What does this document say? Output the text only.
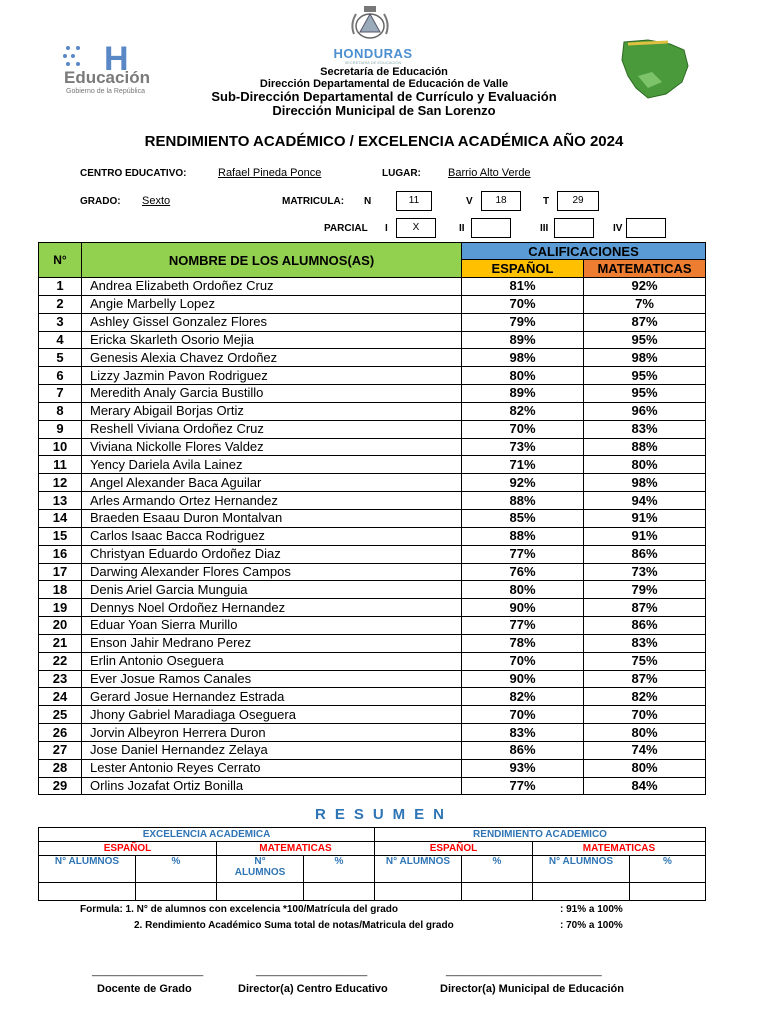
H
Educación
Gobierno de la República
HONDURAS
SECRETARÍA DE EDUCACIÓN
Secretaría de Educación
Dirección Departamental de Educación de Valle
Sub-Dirección Departamental de Currículo y Evaluación
Dirección Municipal de San Lorenzo
RENDIMIENTO ACADÉMICO / EXCELENCIA ACADÉMICA AÑO 2024
CENTRO EDUCATIVO:	Rafael Pineda Ponce	LUGAR: Barrio Alto Verde
GRADO: Sexto	MATRICULA: N	11	V	18	T	29
PARCIAL I	X	II	III	IV
N°	NOMBRE DE LOS ALUMNOS(AS)	CALIFICACIONES	
		ESPAÑOL	MATEMATICAS
1	Andrea Elizabeth Ordoñez Cruz	81%	92%
2	Angie Marbelly Lopez	70%	7%
3	Ashley Gissel Gonzalez Flores	79%	87%
4	Ericka Skarleth Osorio Mejia	89%	95%
5	Genesis Alexia Chavez Ordoñez	98%	98%
6	Lizzy Jazmin Pavon Rodriguez	80%	95%
7	Meredith Analy Garcia Bustillo	89%	95%
8	Merary Abigail Borjas Ortiz	82%	96%
9	Reshell Viviana Ordoñez Cruz	70%	83%
10	Viviana Nickolle Flores Valdez	73%	88%
11	Yency Dariela Avila Lainez	71%	80%
12	Angel Alexander Baca Aguilar	92%	98%
13	Arles Armando Ortez Hernandez	88%	94%
14	Braeden Esaau Duron Montalvan	85%	91%
15	Carlos Isaac Bacca Rodriguez	88%	91%
16	Christyan Eduardo Ordoñez Diaz	77%	86%
17	Darwing Alexander Flores Campos	76%	73%
18	Denis Ariel Garcia Munguia	80%	79%
19	Dennys Noel Ordoñez Hernandez	90%	87%
20	Eduar Yoan Sierra Murillo	77%	86%
21	Enson Jahir Medrano Perez	78%	83%
22	Erlin Antonio Oseguera	70%	75%
23	Ever Josue Ramos Canales	90%	87%
24	Gerard Josue Hernandez Estrada	82%	82%
25	Jhony Gabriel Maradiaga Oseguera	70%	70%
26	Jorvin Albeyron Herrera Duron	83%	80%
27	Jose Daniel Hernandez Zelaya	86%	74%
28	Lester Antonio Reyes Cerrato	93%	80%
29	Orlins Jozafat Ortiz Bonilla	77%	84%
RESUMEN
EXCELENCIA ACADEMICA				RENDIMIENTO ACADEMICO			
ESPAÑOL		MATEMATICAS		ESPAÑOL		MATEMATICAS	
N° ALUMNOS	%	N°
ALUMNOS	%	N° ALUMNOS	%	N° ALUMNOS	%

Formula: 1. N° de alumnos con excelencia *100/Matrícula del grado	: 91% a 100%
2. Rendimiento Académico Suma total de notas/Matricula del grado	: 70% a 100%
____________________	____________________	____________________________
Docente de Grado	Director(a) Centro Educativo	Director(a) Municipal de Educación
